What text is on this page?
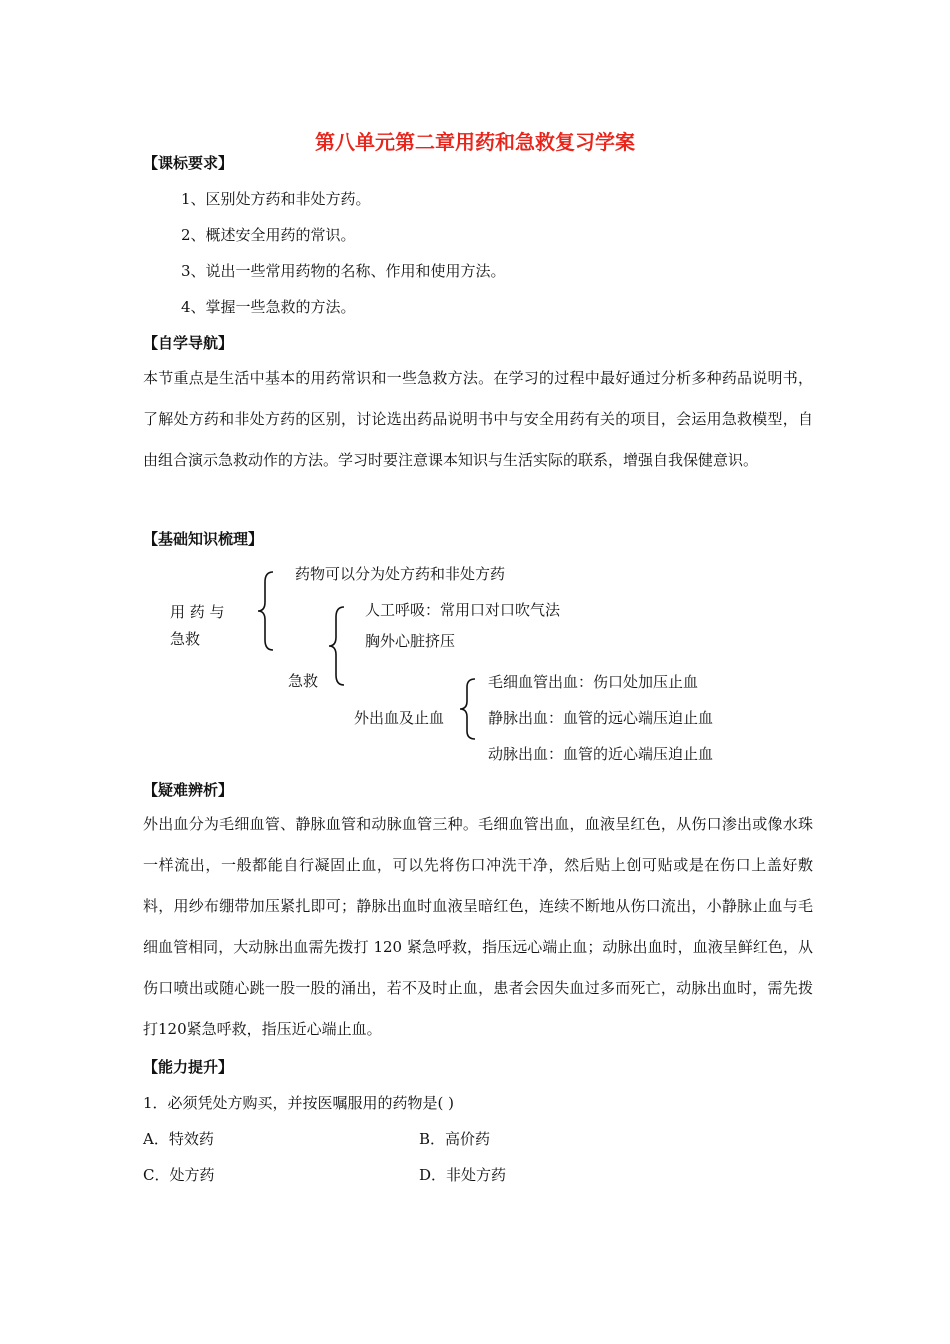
第八单元第二章用药和急救复习学案
【课标要求】
1、区别处方药和非处方药。
2、概述安全用药的常识。
3、说出一些常用药物的名称、作用和使用方法。
4、掌握一些急救的方法。
【自学导航】
本节重点是生活中基本的用药常识和一些急救方法。在学习的过程中最好通过分析多种药品说明书，了解处方药和非处方药的区别，讨论选出药品说明书中与安全用药有关的项目，会运用急救模型，自由组合演示急救动作的方法。学习时要注意课本知识与生活实际的联系，增强自我保健意识。
【基础知识梳理】
用 药 与
急救
药物可以分为处方药和非处方药
急救
人工呼吸：常用口对口吹气法
胸外心脏挤压
外出血及止血
毛细血管出血：伤口处加压止血
静脉出血：血管的远心端压迫止血
动脉出血：血管的近心端压迫止血
【疑难辨析】
外出血分为毛细血管、静脉血管和动脉血管三种。毛细血管出血，血液呈红色，从伤口渗出或像水珠一样流出，一般都能自行凝固止血，可以先将伤口冲洗干净，然后贴上创可贴或是在伤口上盖好敷料，用纱布绷带加压紧扎即可；静脉出血时血液呈暗红色，连续不断地从伤口流出，小静脉止血与毛细血管相同，大动脉出血需先拨打 120 紧急呼救，指压远心端止血；动脉出血时，血液呈鲜红色，从伤口喷出或随心跳一股一股的涌出，若不及时止血，患者会因失血过多而死亡，动脉出血时，需先拨打120紧急呼救，指压近心端止血。
【能力提升】
1．必须凭处方购买，并按医嘱服用的药物是( )
A．特效药	B．高价药
C．处方药	D．非处方药
